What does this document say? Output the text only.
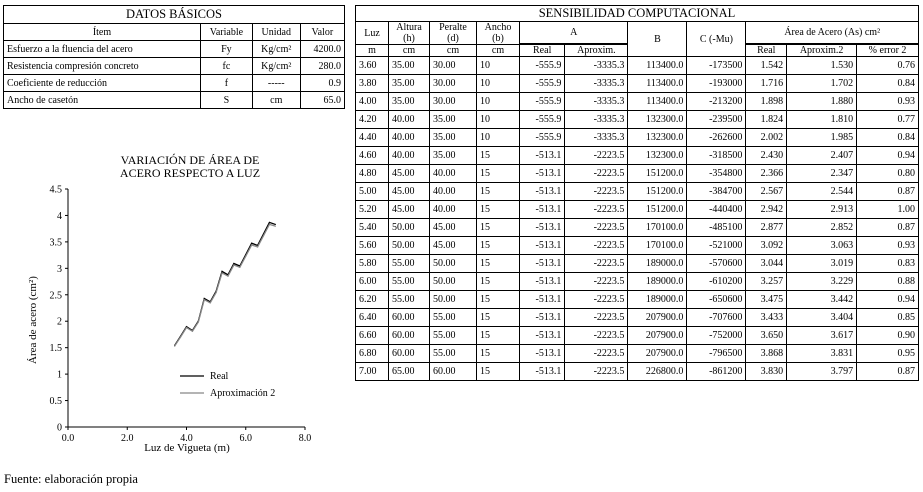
DATOS BÁSICOS			
Ítem	Variable	Unidad	Valor
Esfuerzo a la fluencia del acero	Fy	Kg/cm²	4200.0
Resistencia compresión concreto	fc	Kg/cm²	280.0
Coeficiente de reducción	f	-----	0.9
Ancho de casetón	S	cm	65.0
SENSIBILIDAD COMPUTACIONAL										
Luz	Altura (h)	Peralte (d)	Ancho (b)	A		B	C (-Mu)	Área de Acero (As) cm²		

m	cm	cm	cm	Real	Aproxim.			Real	Aproxim.2	% error 2
3.60	35.00	30.00	10	-555.9	-3335.3	113400.0	-173500	1.542	1.530	0.76
3.80	35.00	30.00	10	-555.9	-3335.3	113400.0	-193000	1.716	1.702	0.84
4.00	35.00	30.00	10	-555.9	-3335.3	113400.0	-213200	1.898	1.880	0.93
4.20	40.00	35.00	10	-555.9	-3335.3	132300.0	-239500	1.824	1.810	0.77
4.40	40.00	35.00	10	-555.9	-3335.3	132300.0	-262600	2.002	1.985	0.84
4.60	40.00	35.00	15	-513.1	-2223.5	132300.0	-318500	2.430	2.407	0.94
4.80	45.00	40.00	15	-513.1	-2223.5	151200.0	-354800	2.366	2.347	0.80
5.00	45.00	40.00	15	-513.1	-2223.5	151200.0	-384700	2.567	2.544	0.87
5.20	45.00	40.00	15	-513.1	-2223.5	151200.0	-440400	2.942	2.913	1.00
5.40	50.00	45.00	15	-513.1	-2223.5	170100.0	-485100	2.877	2.852	0.87
5.60	50.00	45.00	15	-513.1	-2223.5	170100.0	-521000	3.092	3.063	0.93
5.80	55.00	50.00	15	-513.1	-2223.5	189000.0	-570600	3.044	3.019	0.83
6.00	55.00	50.00	15	-513.1	-2223.5	189000.0	-610200	3.257	3.229	0.88
6.20	55.00	50.00	15	-513.1	-2223.5	189000.0	-650600	3.475	3.442	0.94
6.40	60.00	55.00	15	-513.1	-2223.5	207900.0	-707600	3.433	3.404	0.85
6.60	60.00	55.00	15	-513.1	-2223.5	207900.0	-752000	3.650	3.617	0.90
6.80	60.00	55.00	15	-513.1	-2223.5	207900.0	-796500	3.868	3.831	0.95
7.00	65.00	60.00	15	-513.1	-2223.5	226800.0	-861200	3.830	3.797	0.87
VARIACIÓN DE ÁREA DE
ACERO RESPECTO A LUZ
0.0	2.0	4.0	6.0	8.0
0
0.5
1
1.5
2
2.5
3
3.5
4
4.5
Luz de Vigueta (m)
Área de acero (cm²)
Real
Aproximación 2
Fuente: elaboración propia
